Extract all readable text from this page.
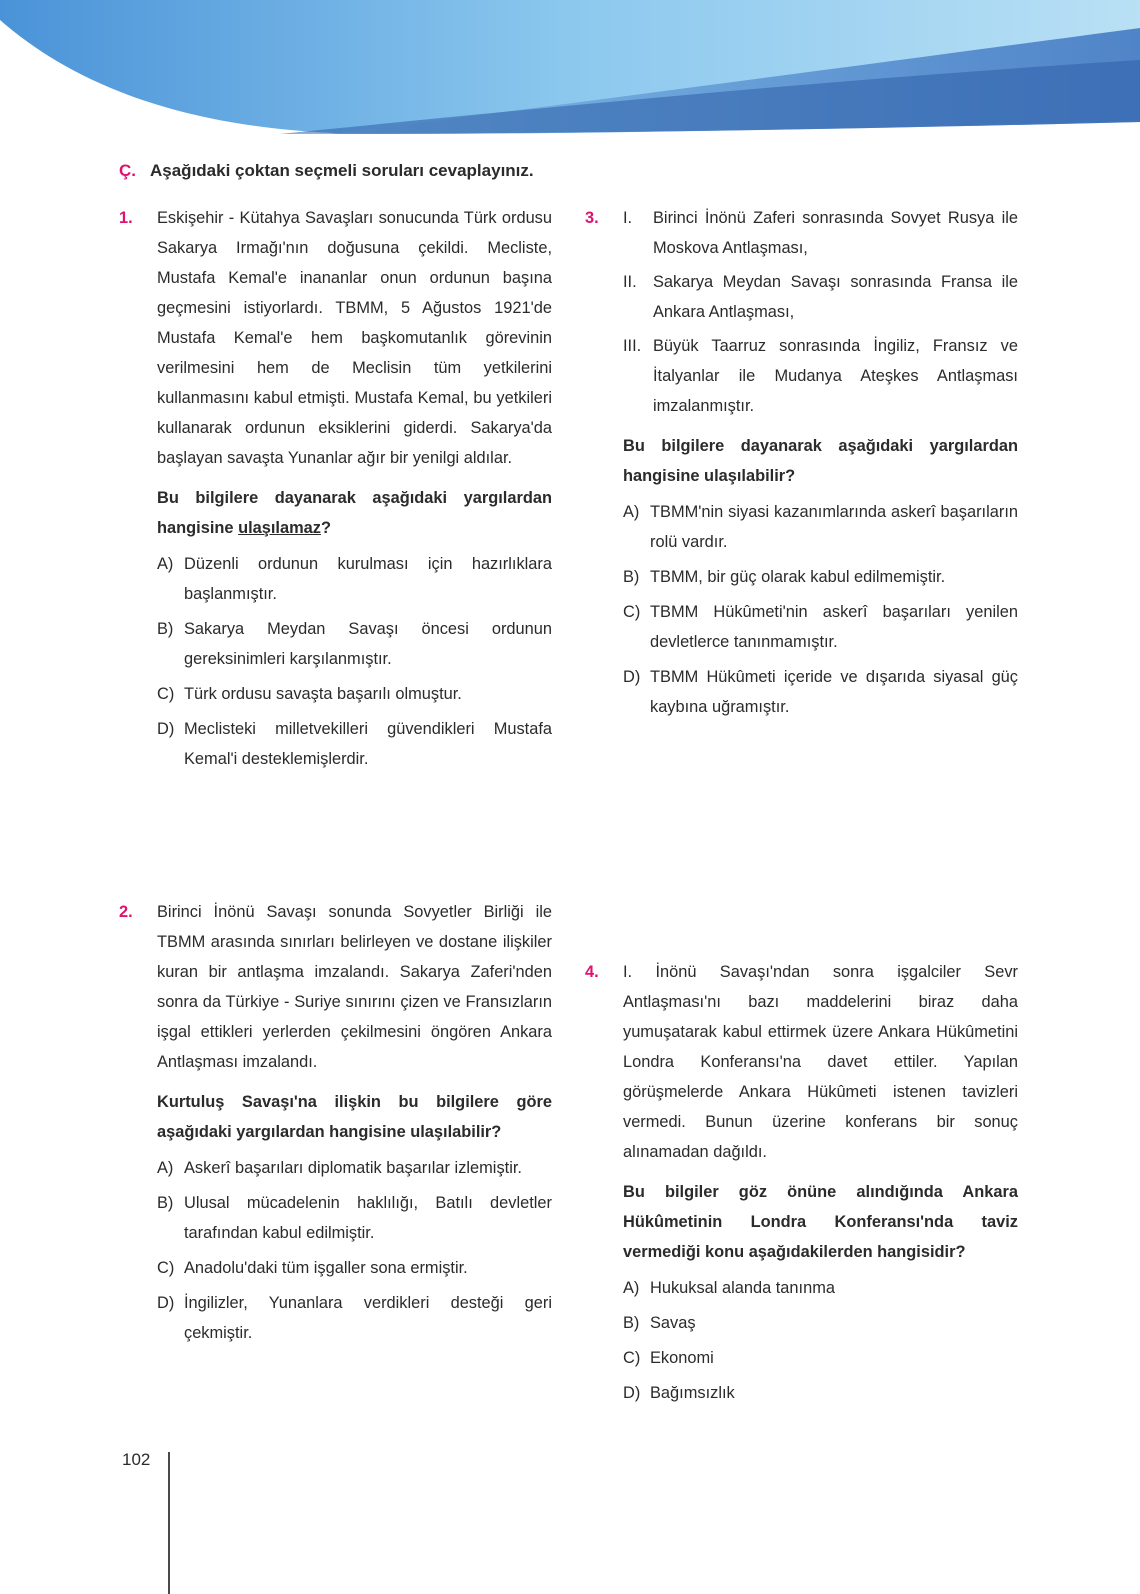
Ç. Aşağıdaki çoktan seçmeli soruları cevaplayınız.
1. Eskişehir - Kütahya Savaşları sonucunda Türk ordusu Sakarya Irmağı'nın doğusuna çekildi. Mecliste, Mustafa Kemal'e inananlar onun ordunun başına geçmesini istiyorlardı. TBMM, 5 Ağustos 1921'de Mustafa Kemal'e hem başkomutanlık görevinin verilmesini hem de Meclisin tüm yetkilerini kullanmasını kabul etmişti. Mustafa Kemal, bu yetkileri kullanarak ordunun eksiklerini giderdi. Sakarya'da başlayan savaşta Yunanlar ağır bir yenilgi aldılar.
Bu bilgilere dayanarak aşağıdaki yargılardan hangisine ulaşılamaz?
A) Düzenli ordunun kurulması için hazırlıklara başlanmıştır.
B) Sakarya Meydan Savaşı öncesi ordunun gereksinimleri karşılanmıştır.
C) Türk ordusu savaşta başarılı olmuştur.
D) Meclisteki milletvekilleri güvendikleri Mustafa Kemal'i desteklemişlerdir.
2. Birinci İnönü Savaşı sonunda Sovyetler Birliği ile TBMM arasında sınırları belirleyen ve dostane ilişkiler kuran bir antlaşma imzalandı. Sakarya Zaferi'nden sonra da Türkiye - Suriye sınırını çizen ve Fransızların işgal ettikleri yerlerden çekilmesini öngören Ankara Antlaşması imzalandı.
Kurtuluş Savaşı'na ilişkin bu bilgilere göre aşağıdaki yargılardan hangisine ulaşılabilir?
A) Askerî başarıları diplomatik başarılar izlemiştir.
B) Ulusal mücadelenin haklılığı, Batılı devletler tarafından kabul edilmiştir.
C) Anadolu'daki tüm işgaller sona ermiştir.
D) İngilizler, Yunanlara verdikleri desteği geri çekmiştir.
3. I. Birinci İnönü Zaferi sonrasında Sovyet Rusya ile Moskova Antlaşması,
II. Sakarya Meydan Savaşı sonrasında Fransa ile Ankara Antlaşması,
III. Büyük Taarruz sonrasında İngiliz, Fransız ve İtalyanlar ile Mudanya Ateşkes Antlaşması imzalanmıştır.
Bu bilgilere dayanarak aşağıdaki yargılardan hangisine ulaşılabilir?
A) TBMM'nin siyasi kazanımlarında askerî başarıların rolü vardır.
B) TBMM, bir güç olarak kabul edilmemiştir.
C) TBMM Hükûmeti'nin askerî başarıları yenilen devletlerce tanınmamıştır.
D) TBMM Hükûmeti içeride ve dışarıda siyasal güç kaybına uğramıştır.
4. I. İnönü Savaşı'ndan sonra işgalciler Sevr Antlaşması'nı bazı maddelerini biraz daha yumuşatarak kabul ettirmek üzere Ankara Hükûmetini Londra Konferansı'na davet ettiler. Yapılan görüşmelerde Ankara Hükûmeti istenen tavizleri vermedi. Bunun üzerine konferans bir sonuç alınamadan dağıldı.
Bu bilgiler göz önüne alındığında Ankara Hükûmetinin Londra Konferansı'nda taviz vermediği konu aşağıdakilerden hangisidir?
A) Hukuksal alanda tanınma
B) Savaş
C) Ekonomi
D) Bağımsızlık
102
